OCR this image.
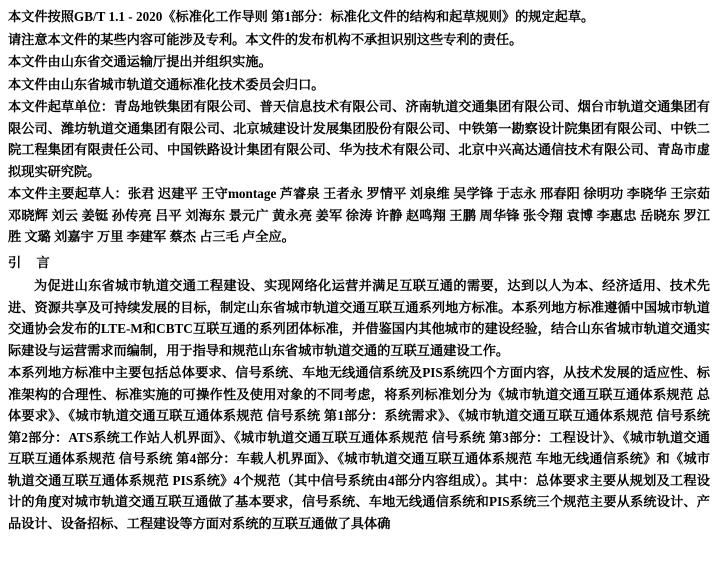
本文件按照GB/T 1.1 - 2020《标准化工作导则 第1部分：标准化文件的结构和起草规则》的规定起草。

请注意本文件的某些内容可能涉及专利。本文件的发布机构不承担识别这些专利的责任。

本文件由山东省交通运输厅提出并组织实施。

本文件由山东省城市轨道交通标准化技术委员会归口。

本文件起草单位：青岛地铁集团有限公司、普天信息技术有限公司、济南轨道交通集团有限公司、烟台市轨道交通集团有限公司、潍坊轨道交通集团有限公司、北京城建设计发展集团股份有限公司、中铁第一勘察设计院集团有限公司、中铁二院工程集团有限责任公司、中国铁路设计集团有限公司、华为技术有限公司、北京中兴高达通信技术有限公司、青岛市虚拟现实研究院。

本文件主要起草人：张君 迟建平 王守montage 芦睿泉 王者永 罗情平 刘泉维 吴学锋 于志永 邢春阳 徐明功 李晓华 王宗茹 邓晓辉 刘云 姜铤 孙传亮 吕平 刘海东 景元广 黄永亮 姜军 徐涛 许静 赵鸣翔 王鹏 周华锋 张令翔 袁博 李惠忠 岳晓东 罗江胜 文璐 刘嘉宇 万里 李建军 蔡杰 占三毛 卢全应。

引 言

为促进山东省城市轨道交通工程建设、实现网络化运营并满足互联互通的需要，达到以人为本、经济适用、技术先进、资源共享及可持续发展的目标，制定山东省城市轨道交通互联互通系列地方标准。本系列地方标准遵循中国城市轨道交通协会发布的LTE-M和CBTC互联互通的系列团体标准，并借鉴国内其他城市的建设经验，结合山东省城市轨道交通实际建设与运营需求而编制，用于指导和规范山东省城市轨道交通的互联互通建设工作。

本系列地方标准中主要包括总体要求、信号系统、车地无线通信系统及PIS系统四个方面内容，从技术发展的适应性、标准架构的合理性、标准实施的可操作性及使用对象的不同考虑，将系列标准划分为《城市轨道交通互联互通体系规范 总体要求》、《城市轨道交通互联互通体系规范 信号系统 第1部分：系统需求》、《城市轨道交通互联互通体系规范 信号系统 第2部分：ATS系统工作站人机界面》、《城市轨道交通互联互通体系规范 信号系统 第3部分：工程设计》、《城市轨道交通互联互通体系规范 信号系统 第4部分：车载人机界面》、《城市轨道交通互联互通体系规范 车地无线通信系统》和《城市轨道交通互联互通体系规范 PIS系统》4个规范（其中信号系统由4部分内容组成）。其中：总体要求主要从规划及工程设计的角度对城市轨道交通互联互通做了基本要求，信号系统、车地无线通信系统和PIS系统三个规范主要从系统设计、产品设计、设备招标、工程建设等方面对系统的互联互通做了具体确
